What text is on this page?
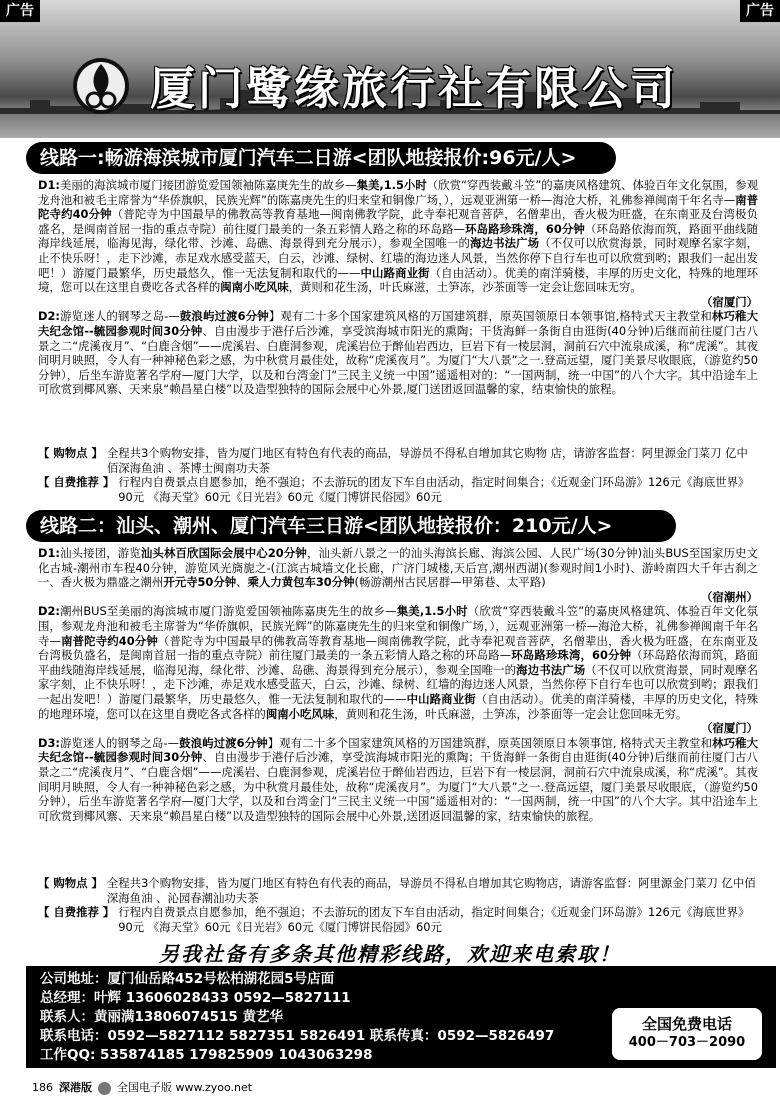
厦门鹭缘旅行社有限公司
广告	广告
线路一:畅游海滨城市厦门汽车二日游<团队地接报价:96元/人>

D1:美丽的海滨城市厦门接团游览爱国领袖陈嘉庚先生的故乡—集美,1.5小时（欣赏“穿西装戴斗笠”的嘉庚风格建筑、体验百年文化氛围，参观龙舟池和被毛主席誉为“华侨旗帜，民族光辉”的陈嘉庚先生的归来堂和铜像广场，），远观亚洲第一桥—海沧大桥，礼佛参禅闽南千年名寺—南普陀寺约40分钟（普陀寺为中国最早的佛教高等教育基地—闽南佛教学院，此寺奉祀观音菩萨，名僧辈出，香火极为旺盛，在东南亚及台湾极负盛名，是闽南首屈一指的重点寺院）前往厦门最美的一条五彩情人路之称的环岛路—环岛路珍珠湾，60分钟（环岛路依海而筑，路面平曲线随海岸线延展，临海见海，绿化带、沙滩、岛礁、海景得到充分展示），参观全国唯一的海边书法广场（不仅可以欣赏海景，同时观摩名家字刻，止不快乐呀！，走下沙滩，赤足戏水感受蓝天，白云，沙滩、绿树、红墙的海边迷人风景，当然你停下自行车也可以欣赏到哟；跟我们一起出发吧！）游厦门最繁华，历史最悠久，惟一无法复制和取代的——中山路商业街（自由活动）。优美的南洋骑楼，丰厚的历史文化，特殊的地理环境，您可以在这里自费吃各式各样的闽南小吃风味，黄则和花生汤，叶氏麻滋，土笋冻，沙茶面等一定会让您回味无穷。
（宿厦门）

D2:游览迷人的钢琴之岛-—鼓浪屿过渡6分钟】观有二十多个国家建筑风格的万国建筑群，原英国领原日本领事馆,格特式天主教堂和林巧稚大夫纪念馆--毓园参观时间30分钟、自由漫步于港仔后沙滩，享受滨海城市阳光的熏陶；干货海鲜一条街自由逛街(40分钟)后继而前往厦门古八景之二“虎溪夜月”、“白鹿含烟”——虎溪岩、白鹿洞参观，虎溪岩位于醉仙岩西边，巨岩下有一棱层洞，洞前石穴中流泉成溪，称“虎溪”。其夜间明月映照，令人有一种神秘色彩之感，为中秋赏月最佳处，故称“虎溪夜月”。为厦门“大八景”之一.登高远望，厦门美景尽收眼底，（游览约50分钟），后坐车游览著名学府—厦门大学，以及和台湾金门“三民主义统一中国”遥遥相对的：“一国两制，统一中国”的八个大字。其中沿途车上可欣赏到椰风寨、天来泉“赖昌星白楼”以及造型独特的国际会展中心外景,厦门送团返回温馨的家，结束愉快的旅程。

【 购物点 】 全程共3个购物安排，皆为厦门地区有特色有代表的商品，导游员不得私自增加其它购物 店，请游客监督：阿里源金门菜刀 亿中佰深海鱼油 、茶博士闽南功夫茶
【 自费推荐 】 行程内自费景点自愿参加，绝不强迫；不去游玩的团友下车自由活动，指定时间集合；《近观金门环岛游》126元《海底世界》90元 《海天堂》60元《日光岩》60元《厦门博饼民俗园》60元
线路二：汕头、潮州、厦门汽车三日游<团队地接报价：210元/人>

D1:汕头接团，游览汕头林百欣国际会展中心20分钟，汕头新八景之一的汕头海滨长廊、海滨公园、人民广场(30分钟)汕头BUS至国家历史文化古城-潮州市车程40分钟，游览风光旖旎之-(江滨古城墙文化长廊，广济门城楼,天后宫,潮州西湖)(参观时间1小时)、游岭南四大千年古刹之一、香火极为鼎盛之潮州开元寺50分钟、乘人力黄包车30分钟(畅游潮州古民居群—甲第巷、太平路)
（宿潮州）

D2:潮州BUS至美丽的海滨城市厦门游览爱国领袖陈嘉庚先生的故乡—集美,1.5小时（欣赏“穿西装戴斗笠”的嘉庚风格建筑、体验百年文化氛围，参观龙舟池和被毛主席誉为“华侨旗帜，民族光辉”的陈嘉庚先生的归来堂和铜像广场，），远观亚洲第一桥—海沧大桥，礼佛参禅闽南千年名寺—南普陀寺约40分钟（普陀寺为中国最早的佛教高等教育基地—闽南佛教学院，此寺奉祀观音菩萨，名僧辈出，香火极为旺盛，在东南亚及台湾极负盛名，是闽南首屈一指的重点寺院）前往厦门最美的一条五彩情人路之称的环岛路—环岛路珍珠湾，60分钟（环岛路依海而筑，路面平曲线随海岸线延展，临海见海，绿化带、沙滩、岛礁、海景得到充分展示），参观全国唯一的海边书法广场（不仅可以欣赏海景，同时观摩名家字刻，止不快乐呀！，走下沙滩，赤足戏水感受蓝天，白云，沙滩、绿树、红墙的海边迷人风景，当然你停下自行车也可以欣赏到哟；跟我们一起出发吧！）游厦门最繁华，历史最悠久，惟一无法复制和取代的——中山路商业街（自由活动）。优美的南洋骑楼，丰厚的历史文化，特殊的地理环境，您可以在这里自费吃各式各样的闽南小吃风味，黄则和花生汤，叶氏麻滋，土笋冻，沙茶面等一定会让您回味无穷。
（宿厦门）

D3:游览迷人的钢琴之岛-—鼓浪屿过渡6分钟】观有二十多个国家建筑风格的万国建筑群，原英国领原日本领事馆, 格特式天主教堂和林巧稚大夫纪念馆--毓园参观时间30分钟、自由漫步于港仔后沙滩，享受滨海城市阳光的熏陶；干货海鲜一条街自由逛街(40分钟)后继而前往厦门古八景之二“虎溪夜月”、“白鹿含烟”——虎溪岩、白鹿洞参观，虎溪岩位于醉仙岩西边，巨岩下有一棱层洞，洞前石穴中流泉成溪，称“虎溪”。其夜间明月映照，令人有一种神秘色彩之感，为中秋赏月最佳处，故称“虎溪夜月”。为厦门“大八景”之一.登高远望，厦门美景尽收眼底，（游览约50分钟），后坐车游览著名学府—厦门大学，以及和台湾金门“三民主义统一中国”遥遥相对的：“一国两制，统一中国”的八个大字。其中沿途车上可欣赏到椰风寨、天来泉“赖昌星白楼”以及造型独特的国际会展中心外景,送团返回温馨的家，结束愉快的旅程。

【 购物点 】 全程共3个购物安排，皆为厦门地区有特色有代表的商品，导游员不得私自增加其它购物店，请游客监督：阿里源金门菜刀 亿中佰深海鱼油 、沁园春潮汕功夫茶
【 自费推荐 】 行程内自费景点自愿参加，绝不强迫；不去游玩的团友下车自由活动，指定时间集合；《近观金门环岛游》126元《海底世界》90元 《海天堂》60元《日光岩》60元《厦门博饼民俗园》60元
另我社备有多条其他精彩线路，欢迎来电索取！
公司地址：厦门仙岳路452号松柏湖花园5号店面
总经理：叶辉 13606028433 0592—5827111
联系人：黄丽满13806074515 黄艺华
联系电话：0592—5827112 5827351 5826491 联系传真：0592—5826497
工作QQ: 535874185 179825909 1043063298
全国免费电话
400－703－2090
186 深港版 全国电子版 www.zyoo.net
